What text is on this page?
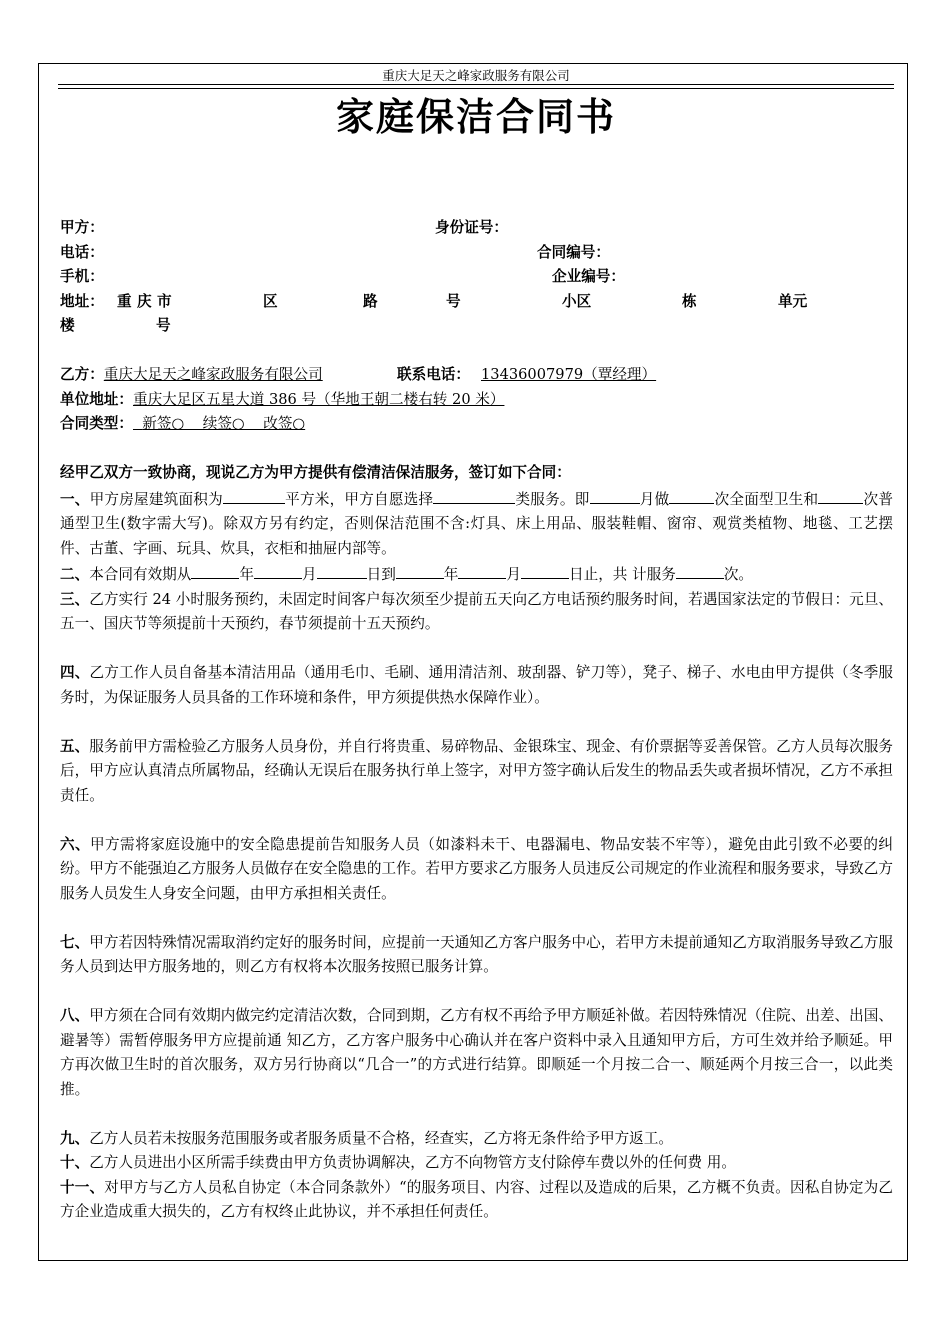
重庆大足天之峰家政服务有限公司
家庭保洁合同书
甲方：	身份证号：
电话：	合同编号：
手机：	企业编号：
地址： 重 庆 市	区	路	号	小区	栋	单元
楼	号
乙方：重庆大足天之峰家政服务有限公司	联系电话： 13436007979（覃经理）
单位地址：重庆大足区五星大道 386 号（华地王朝二楼右转 20 米）
合同类型： 新签○    续签○    改签○
经甲乙双方一致协商，现说乙方为甲方提供有偿清洁保洁服务，签订如下合同：

一、甲方房屋建筑面积为	平方米，甲方自愿选择	类服务。即	月做	次全面型卫生和	次普通型卫生(数字需大写)。除双方另有约定，否则保洁范围不含:灯具、床上用品、服装鞋帽、窗帘、观赏类植物、地毯、工艺摆件、古董、字画、玩具、炊具，衣柜和抽屉内部等。

二、本合同有效期从	年	月	日到	年	月	日止，共 计服务	次。

三、乙方实行 24 小时服务预约，未固定时间客户每次须至少提前五天向乙方电话预约服务时间，若遇国家法定的节假日：元旦、五一、国庆节等须提前十天预约，春节须提前十五天预约。

四、乙方工作人员自备基本清洁用品（通用毛巾、毛刷、通用清洁剂、玻刮器、铲刀等），凳子、梯子、水电由甲方提供（冬季服务时，为保证服务人员具备的工作环境和条件，甲方须提供热水保障作业）。

五、服务前甲方需检验乙方服务人员身份，并自行将贵重、易碎物品、金银珠宝、现金、有价票据等妥善保管。乙方人员每次服务后，甲方应认真清点所属物品，经确认无误后在服务执行单上签字，对甲方签字确认后发生的物品丢失或者损坏情况，乙方不承担责任。

六、甲方需将家庭设施中的安全隐患提前告知服务人员（如漆料未干、电器漏电、物品安装不牢等），避免由此引致不必要的纠纷。甲方不能强迫乙方服务人员做存在安全隐患的工作。若甲方要求乙方服务人员违反公司规定的作业流程和服务要求，导致乙方服务人员发生人身安全问题，由甲方承担相关责任。

七、甲方若因特殊情况需取消约定好的服务时间，应提前一天通知乙方客户服务中心，若甲方未提前通知乙方取消服务导致乙方服务人员到达甲方服务地的，则乙方有权将本次服务按照已服务计算。

八、甲方须在合同有效期内做完约定清洁次数，合同到期，乙方有权不再给予甲方顺延补做。若因特殊情况（住院、出差、出国、避暑等）需暂停服务甲方应提前通 知乙方，乙方客户服务中心确认并在客户资料中录入且通知甲方后，方可生效并给予顺延。甲方再次做卫生时的首次服务，双方另行协商以“几合一”的方式进行结算。即顺延一个月按二合一、顺延两个月按三合一，以此类推。

九、乙方人员若未按服务范围服务或者服务质量不合格，经查实，乙方将无条件给予甲方返工。

十、乙方人员进出小区所需手续费由甲方负责协调解决，乙方不向物管方支付除停车费以外的任何费 用。

十一、对甲方与乙方人员私自协定（本合同条款外）“的服务项目、内容、过程以及造成的后果，乙方概不负责。因私自协定为乙方企业造成重大损失的，乙方有权终止此协议，并不承担任何责任。
